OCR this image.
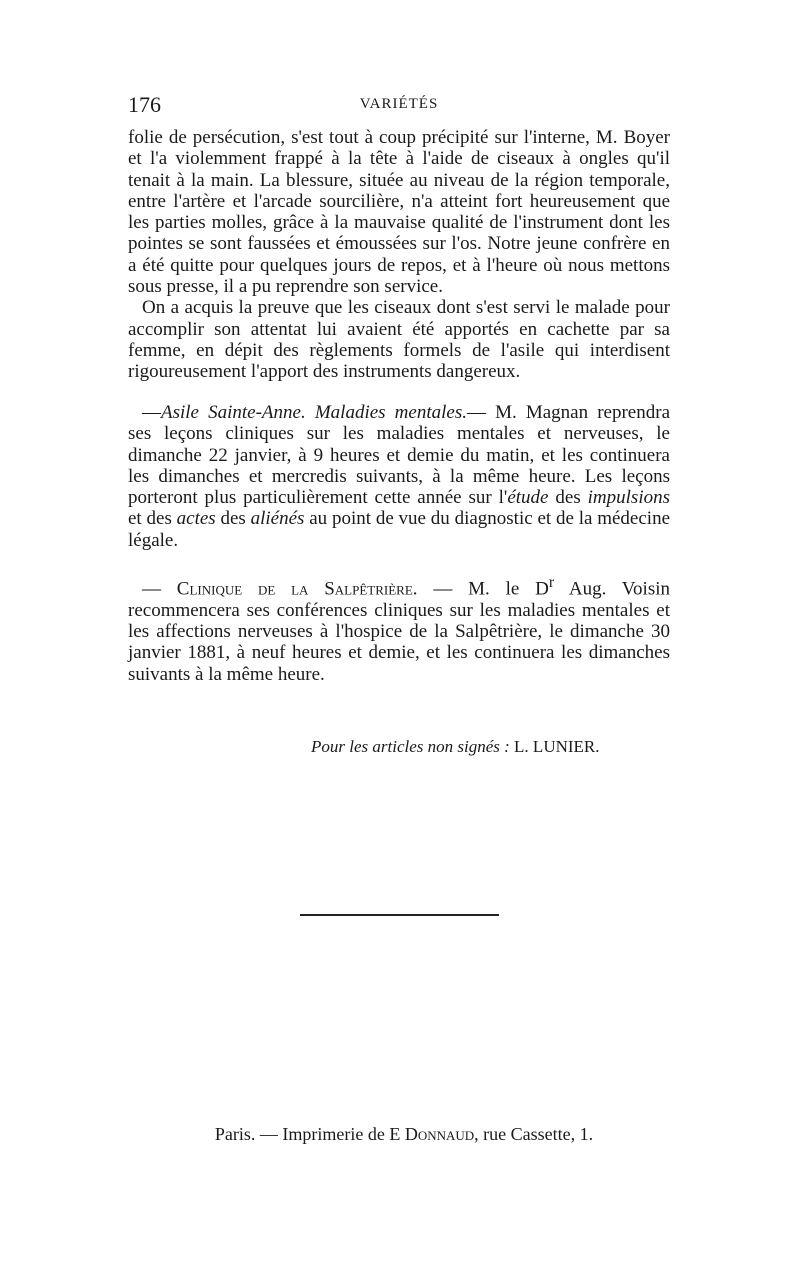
176	VARIÉTÉS

folie de persécution, s'est tout à coup précipité sur l'interne, M. Boyer et l'a violemment frappé à la tête à l'aide de ciseaux à ongles qu'il tenait à la main. La blessure, située au niveau de la région temporale, entre l'artère et l'arcade sourcilière, n'a atteint fort heureusement que les parties molles, grâce à la mauvaise qualité de l'instrument dont les pointes se sont faussées et émoussées sur l'os. Notre jeune confrère en a été quitte pour quelques jours de repos, et à l'heure où nous mettons sous presse, il a pu reprendre son service.

On a acquis la preuve que les ciseaux dont s'est servi le malade pour accomplir son attentat lui avaient été apportés en cachette par sa femme, en dépit des règlements formels de l'asile qui interdisent rigoureusement l'apport des instruments dangereux.

—Asile Sainte-Anne. Maladies mentales.— M. Magnan reprendra ses leçons cliniques sur les maladies mentales et nerveuses, le dimanche 22 janvier, à 9 heures et demie du matin, et les continuera les dimanches et mercredis suivants, à la même heure. Les leçons porteront plus particulièrement cette année sur l'étude des impulsions et des actes des aliénés au point de vue du diagnostic et de la médecine légale.

— Clinique de la Salpêtrière. — M. le $D^r$ Aug. Voisin recommencera ses conférences cliniques sur les maladies mentales et les affections nerveuses à l'hospice de la Salpêtrière, le dimanche 30 janvier 1881, à neuf heures et demie, et les continuera les dimanches suivants à la même heure.

Pour les articles non signés : L. LUNIER.
Paris. — Imprimerie de E Donnaud, rue Cassette, 1.
